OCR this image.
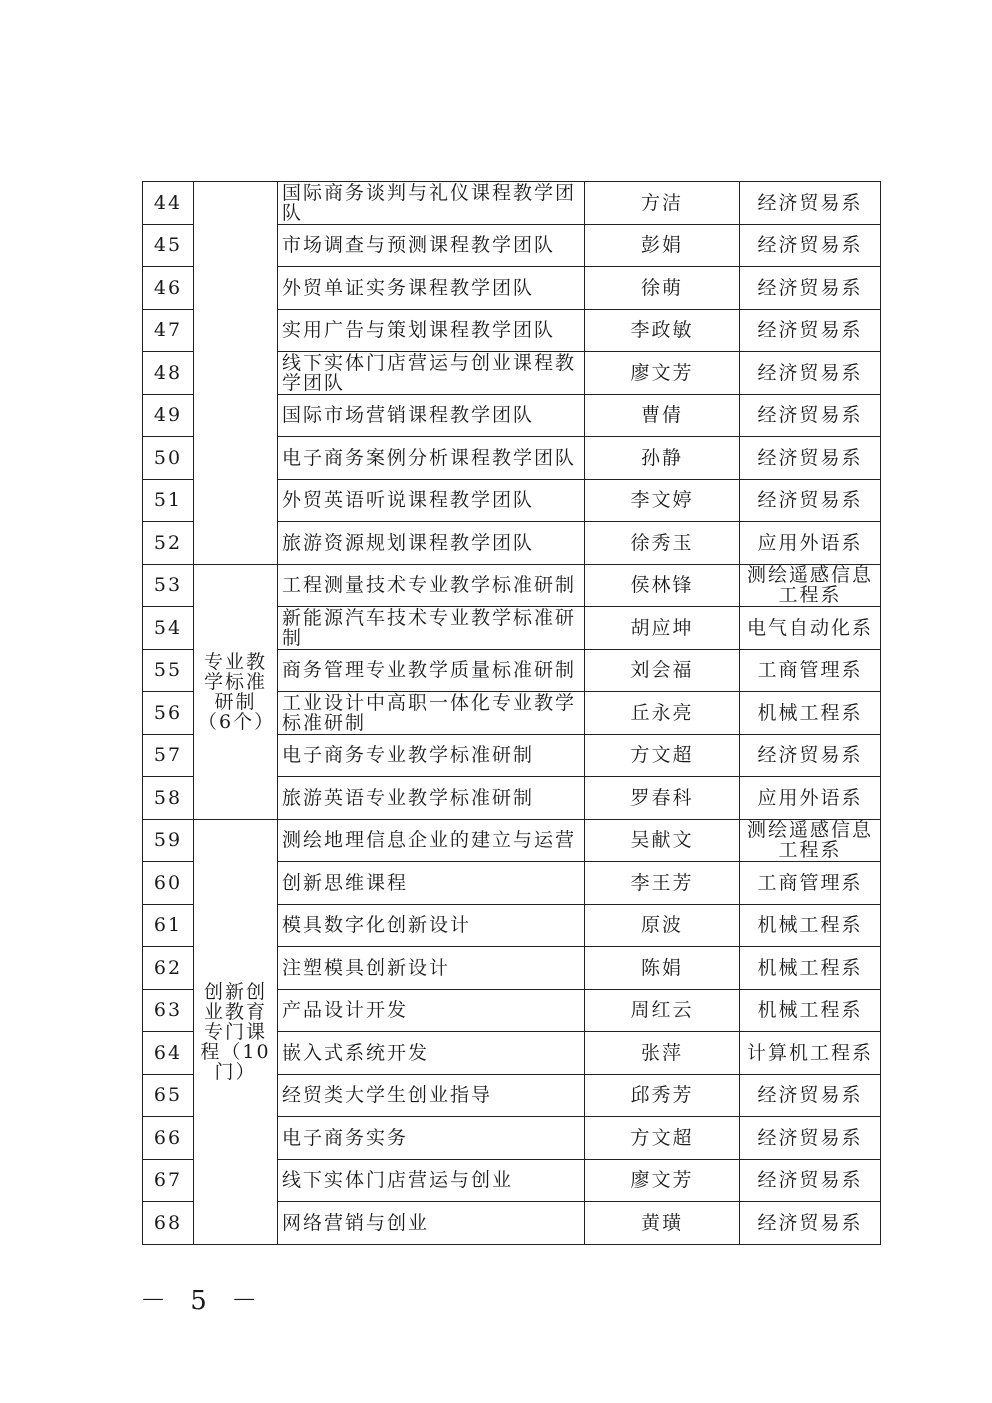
44		国际商务谈判与礼仪课程教学团队	方洁	经济贸易系
45		市场调查与预测课程教学团队	彭娟	经济贸易系
46		外贸单证实务课程教学团队	徐萌	经济贸易系
47		实用广告与策划课程教学团队	李政敏	经济贸易系
48		线下实体门店营运与创业课程教学团队	廖文芳	经济贸易系
49		国际市场营销课程教学团队	曹倩	经济贸易系
50		电子商务案例分析课程教学团队	孙静	经济贸易系
51		外贸英语听说课程教学团队	李文婷	经济贸易系
52		旅游资源规划课程教学团队	徐秀玉	应用外语系
53	专业教学标准研制（6个）	工程测量技术专业教学标准研制	侯林锋	测绘遥感信息工程系
54		新能源汽车技术专业教学标准研制	胡应坤	电气自动化系
55		商务管理专业教学质量标准研制	刘会福	工商管理系
56		工业设计中高职一体化专业教学标准研制	丘永亮	机械工程系
57		电子商务专业教学标准研制	方文超	经济贸易系
58		旅游英语专业教学标准研制	罗春科	应用外语系
59	创新创业教育专门课程（10门）	测绘地理信息企业的建立与运营	吴献文	测绘遥感信息工程系
60		创新思维课程	李王芳	工商管理系
61		模具数字化创新设计	原波	机械工程系
62		注塑模具创新设计	陈娟	机械工程系
63		产品设计开发	周红云	机械工程系
64		嵌入式系统开发	张萍	计算机工程系
65		经贸类大学生创业指导	邱秀芳	经济贸易系
66		电子商务实务	方文超	经济贸易系
67		线下实体门店营运与创业	廖文芳	经济贸易系
68		网络营销与创业	黄璜	经济贸易系
－ 5 －
